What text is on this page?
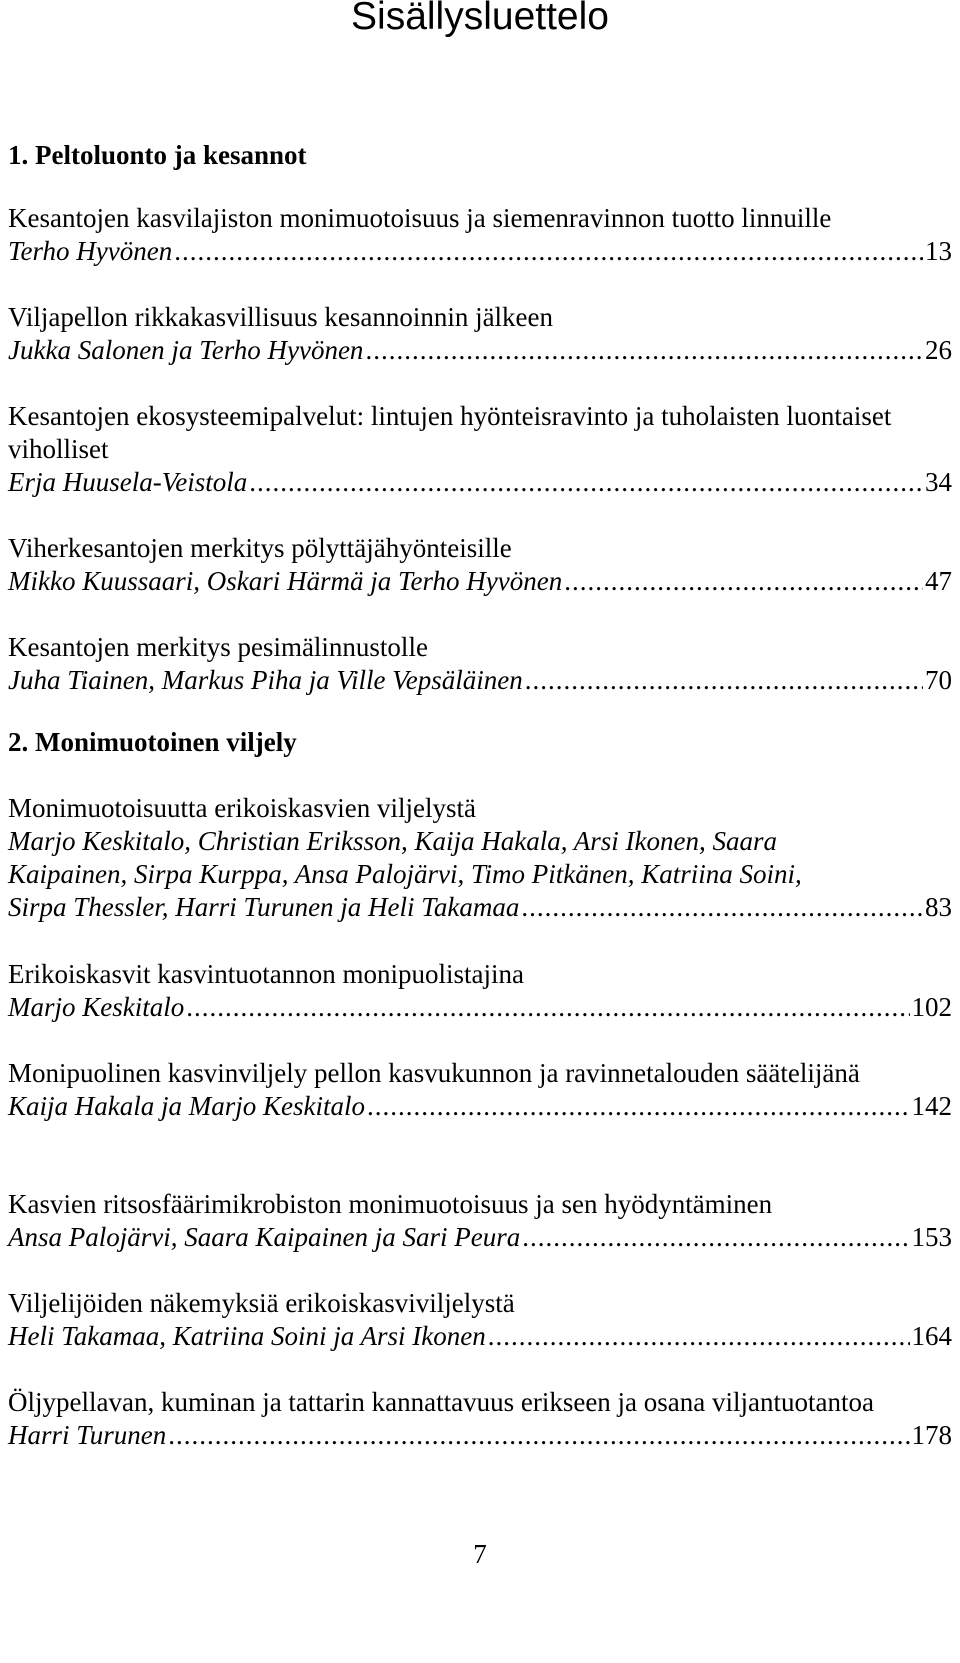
Sisällysluettelo
1. Peltoluonto ja kesannot

Kesantojen kasvilajiston monimuotoisuus ja siemenravinnon tuotto linnuille

Terho Hyvönen .....	13

Viljapellon rikkakasvillisuus kesannoinnin jälkeen

Jukka Salonen ja Terho Hyvönen .....	26

Kesantojen ekosysteemipalvelut: lintujen hyönteisravinto ja tuholaisten luontaiset viholliset

Erja Huusela-Veistola .....	34

Viherkesantojen merkitys pölyttäjähyönteisille

Mikko Kuussaari, Oskari Härmä ja Terho Hyvönen .....	47

Kesantojen merkitys pesimälinnustolle

Juha Tiainen, Markus Piha ja Ville Vepsäläinen .....	70
2. Monimuotoinen viljely

Monimuotoisuutta erikoiskasvien viljelystä

Marjo Keskitalo, Christian Eriksson, Kaija Hakala, Arsi Ikonen, Saara
Kaipainen, Sirpa Kurppa, Ansa Palojärvi, Timo Pitkänen, Katriina Soini,
Sirpa Thessler, Harri Turunen ja Heli Takamaa .....	83

Erikoiskasvit kasvintuotannon monipuolistajina

Marjo Keskitalo .....	102

Monipuolinen kasvinviljely pellon kasvukunnon ja ravinnetalouden säätelijänä

Kaija Hakala ja Marjo Keskitalo .....	142

Kasvien ritsosfäärimikrobiston monimuotoisuus ja sen hyödyntäminen

Ansa Palojärvi, Saara Kaipainen ja Sari Peura .....	153

Viljelijöiden näkemyksiä erikoiskasviviljelystä

Heli Takamaa, Katriina Soini ja Arsi Ikonen .....	164

Öljypellavan, kuminan ja tattarin kannattavuus erikseen ja osana viljantuotantoa

Harri Turunen .....	178
7
